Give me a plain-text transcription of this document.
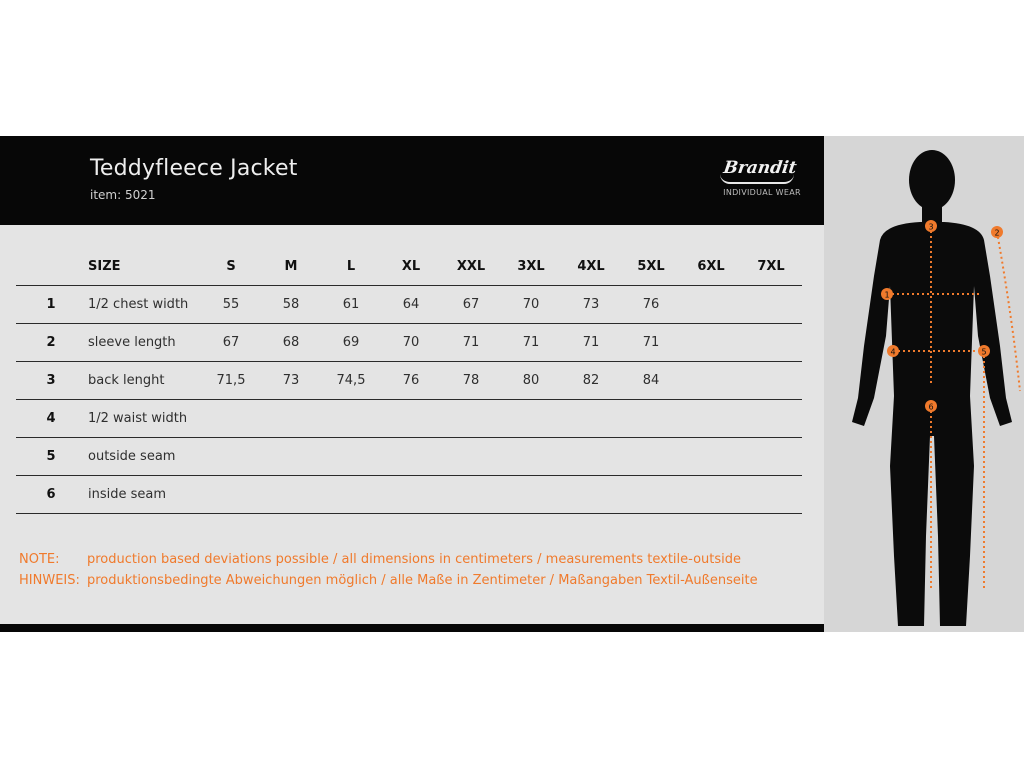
Teddyfleece Jacket
item: 5021
Brandit
INDIVIDUAL WEAR
SIZE	S	M	L	XL	XXL	3XL	4XL	5XL	6XL	7XL
1	1/2 chest width	55	58	61	64	67	70	73	76
2	sleeve length	67	68	69	70	71	71	71	71
3	back lenght	71,5	73	74,5	76	78	80	82	84
4	1/2 waist width
5	outside seam
6	inside seam
NOTE: production based deviations possible / all dimensions in centimeters / measurements textile-outside
HINWEIS: produktionsbedingte Abweichungen möglich / alle Maße in Zentimeter / Maßangaben Textil-Außenseite
1
2
3
4	5
6
